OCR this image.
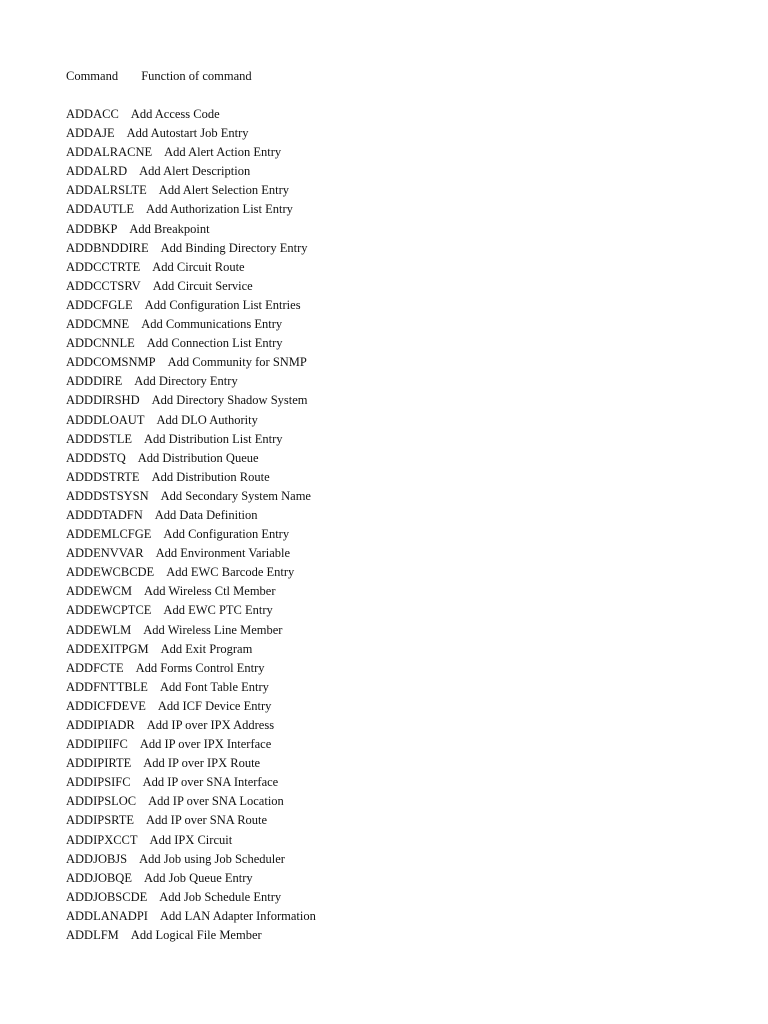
Command Function of command
ADDACC Add Access Code
ADDAJE Add Autostart Job Entry
ADDALRACNE Add Alert Action Entry
ADDALRD Add Alert Description
ADDALRSLTE Add Alert Selection Entry
ADDAUTLE Add Authorization List Entry
ADDBKP Add Breakpoint
ADDBNDDIRE Add Binding Directory Entry
ADDCCTRTE Add Circuit Route
ADDCCTSRV Add Circuit Service
ADDCFGLE Add Configuration List Entries
ADDCMNE Add Communications Entry
ADDCNNLE Add Connection List Entry
ADDCOMSNMP Add Community for SNMP
ADDDIRE Add Directory Entry
ADDDIRSHD Add Directory Shadow System
ADDDLOAUT Add DLO Authority
ADDDSTLE Add Distribution List Entry
ADDDSTQ Add Distribution Queue
ADDDSTRTE Add Distribution Route
ADDDSTSYSN Add Secondary System Name
ADDDTADFN Add Data Definition
ADDEMLCFGE Add Configuration Entry
ADDENVVAR Add Environment Variable
ADDEWCBCDE Add EWC Barcode Entry
ADDEWCM Add Wireless Ctl Member
ADDEWCPTCE Add EWC PTC Entry
ADDEWLM Add Wireless Line Member
ADDEXITPGM Add Exit Program
ADDFCTE Add Forms Control Entry
ADDFNTTBLE Add Font Table Entry
ADDICFDEVE Add ICF Device Entry
ADDIPIADR Add IP over IPX Address
ADDIPIIFC Add IP over IPX Interface
ADDIPIRTE Add IP over IPX Route
ADDIPSIFC Add IP over SNA Interface
ADDIPSLOC Add IP over SNA Location
ADDIPSRTE Add IP over SNA Route
ADDIPXCCT Add IPX Circuit
ADDJOBJS Add Job using Job Scheduler
ADDJOBQE Add Job Queue Entry
ADDJOBSCDE Add Job Schedule Entry
ADDLANADPI Add LAN Adapter Information
ADDLFM Add Logical File Member
